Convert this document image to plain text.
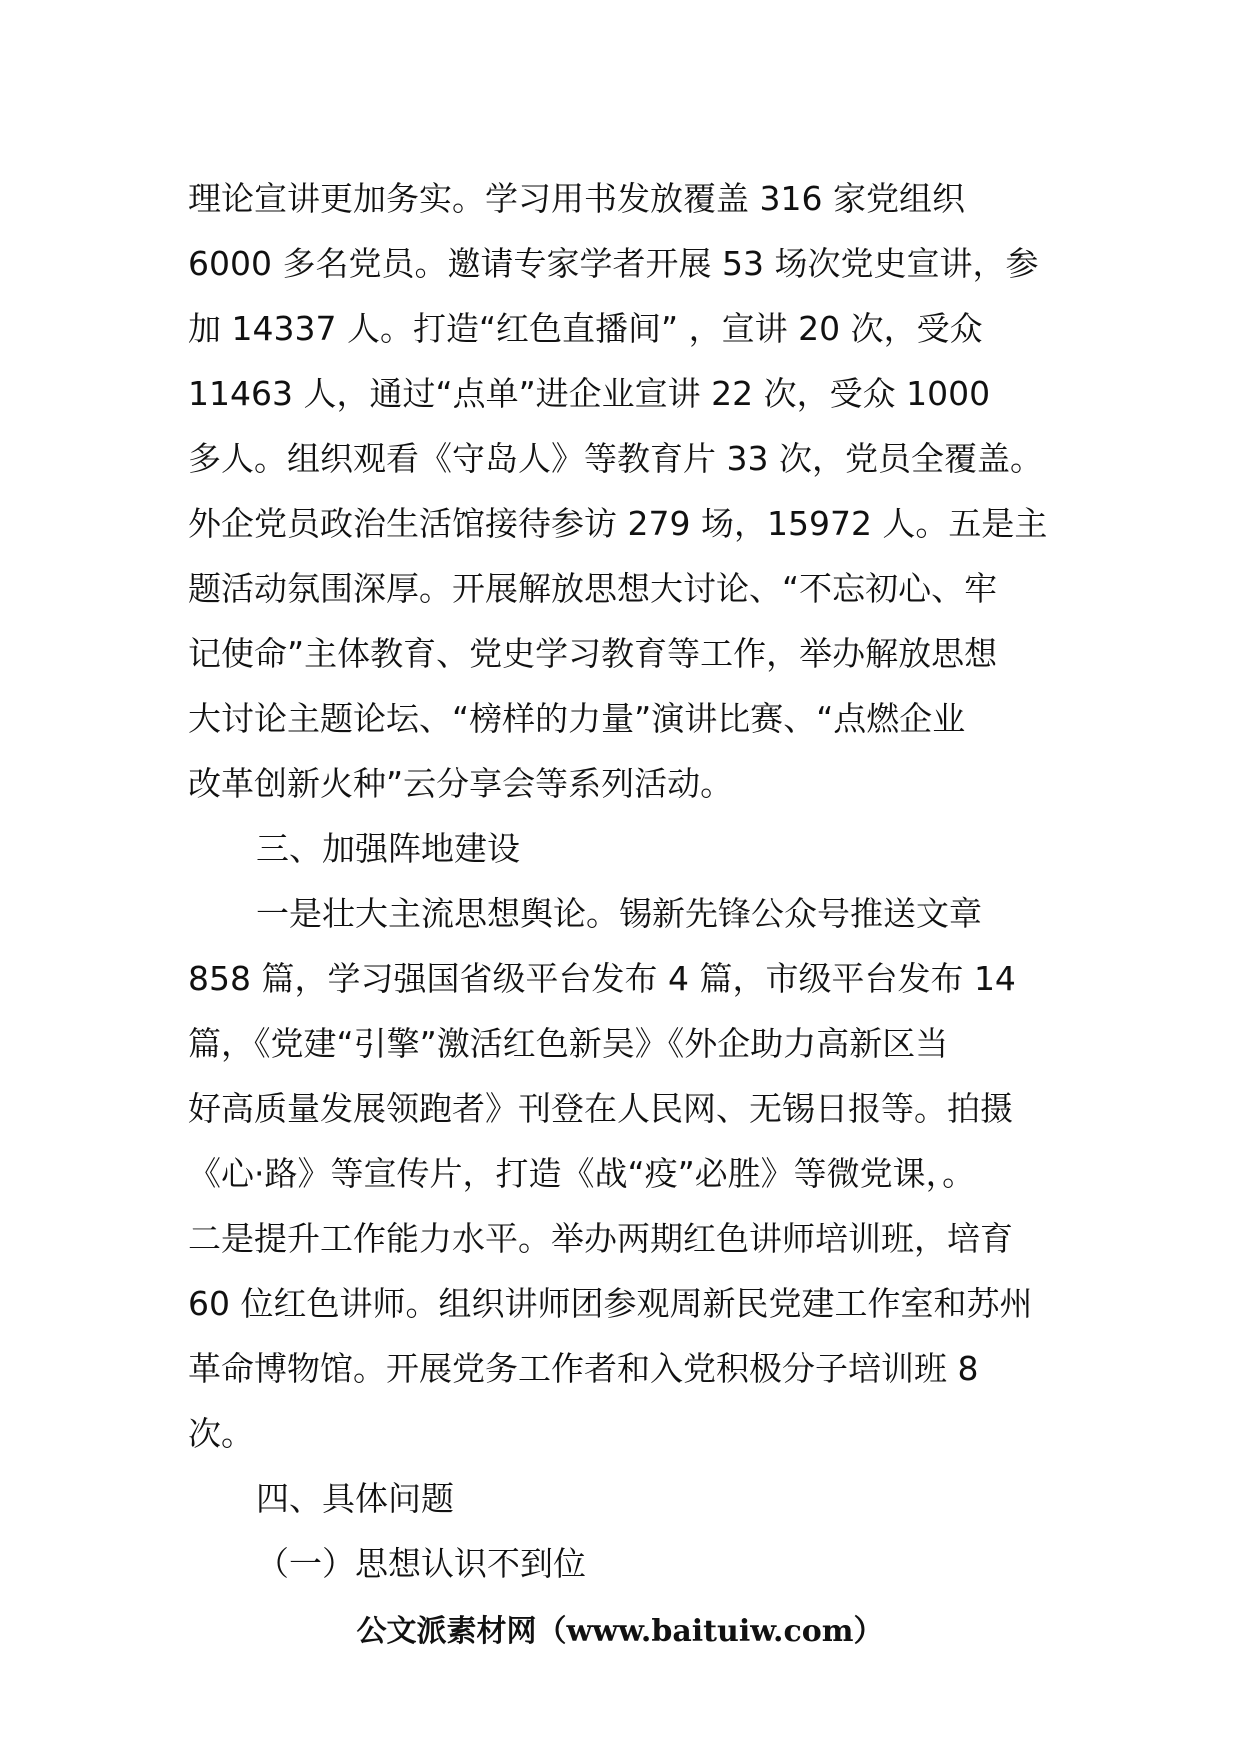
理论宣讲更加务实。学习用书发放覆盖 316 家党组织
6000 多名党员。邀请专家学者开展 53 场次党史宣讲，参
加 14337 人。打造“红色直播间” ，宣讲 20 次，受众
11463 人，通过“点单”进企业宣讲 22 次，受众 1000
多人。组织观看《守岛人》等教育片 33 次，党员全覆盖。
外企党员政治生活馆接待参访 279 场，15972 人。五是主
题活动氛围深厚。开展解放思想大讨论、“不忘初心、牢
记使命”主体教育、党史学习教育等工作，举办解放思想
大讨论主题论坛、“榜样的力量”演讲比赛、“点燃企业
改革创新火种”云分享会等系列活动。
三、加强阵地建设
一是壮大主流思想舆论。锡新先锋公众号推送文章
858 篇，学习强国省级平台发布 4 篇，市级平台发布 14
篇，《党建“引擎”激活红色新吴》《外企助力高新区当
好高质量发展领跑者》刊登在人民网、无锡日报等。拍摄
《心·路》等宣传片，打造《战“疫”必胜》等微党课，。
二是提升工作能力水平。举办两期红色讲师培训班，培育
60 位红色讲师。组织讲师团参观周新民党建工作室和苏州
革命博物馆。开展党务工作者和入党积极分子培训班 8
次。
四、具体问题
（一）思想认识不到位
公文派素材网（www.baituiw.com）
